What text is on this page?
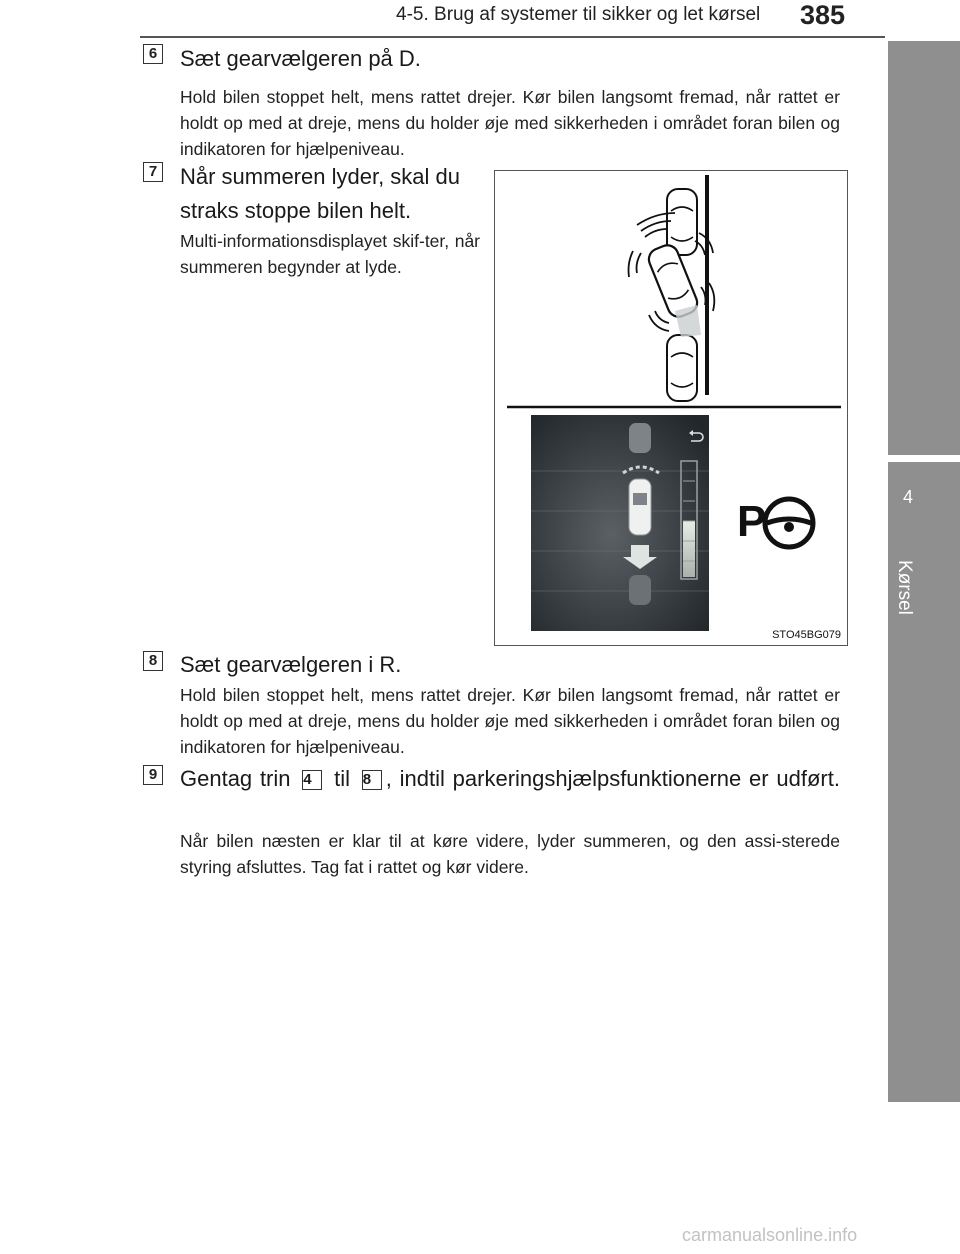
4-5. Brug af systemer til sikker og let kørsel 385
4
Kørsel
6 Sæt gearvælgeren på D.
Hold bilen stoppet helt, mens rattet drejer. Kør bilen langsomt fremad, når rattet er holdt op med at dreje, mens du holder øje med sikkerheden i området foran bilen og indikatoren for hjælpeniveau.
7 Når summeren lyder, skal du straks stoppe bilen helt.
Multi-informationsdisplayet skif-ter, når summeren begynder at lyde.
P
STO45BG079
8 Sæt gearvælgeren i R.
Hold bilen stoppet helt, mens rattet drejer. Kør bilen langsomt fremad, når rattet er holdt op med at dreje, mens du holder øje med sikkerheden i området foran bilen og indikatoren for hjælpeniveau.
9 Gentag trin 4 til 8 , indtil parkeringshjælpsfunktionerne er udført.
Når bilen næsten er klar til at køre videre, lyder summeren, og den assi-sterede styring afsluttes. Tag fat i rattet og kør videre.
carmanualsonline.info
